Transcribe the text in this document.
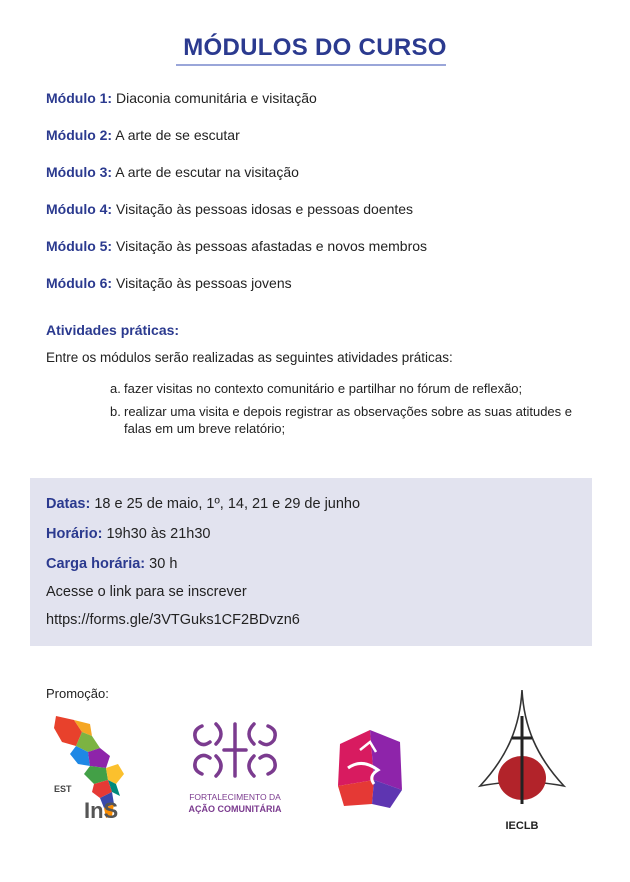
MÓDULOS DO CURSO
Módulo 1: Diaconia comunitária e visitação
Módulo 2: A arte de se escutar
Módulo 3: A arte de escutar na visitação
Módulo 4: Visitação às pessoas idosas e pessoas doentes
Módulo 5: Visitação às pessoas afastadas e novos membros
Módulo 6: Visitação às pessoas jovens
Atividades práticas:
Entre os módulos serão realizadas as seguintes atividades práticas:
a. fazer visitas no contexto comunitário e partilhar no fórum de reflexão;
b. realizar uma visita e depois registrar as observações sobre as suas atitudes e falas em um breve relatório;
Datas: 18 e 25 de maio, 1º, 14, 21 e 29 de junho
Horário: 19h30 às 21h30
Carga horária: 30 h
Acesse o link para se inscrever
https://forms.gle/3VTGuks1CF2BDvzn6
Promoção:
EST
InS
FORTALECIMENTO DA
AÇÃO COMUNITÁRIA
IECLB
